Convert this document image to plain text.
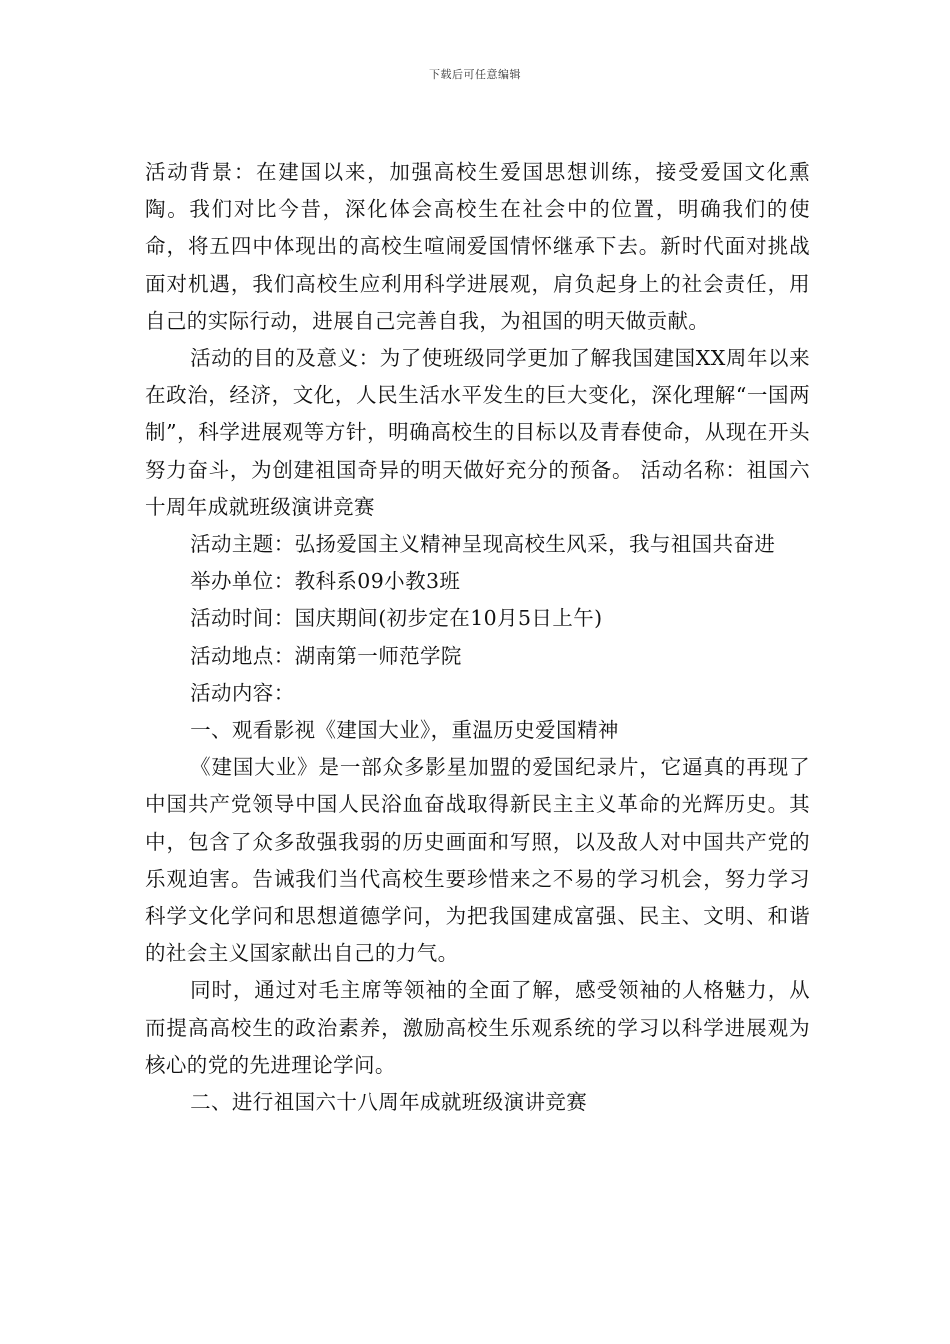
下载后可任意编辑

活动背景：在建国以来，加强高校生爱国思想训练，接受爱国文化熏陶。我们对比今昔，深化体会高校生在社会中的位置，明确我们的使命，将五四中体现出的高校生喧闹爱国情怀继承下去。新时代面对挑战面对机遇，我们高校生应利用科学进展观，肩负起身上的社会责任，用自己的实际行动，进展自己完善自我，为祖国的明天做贡献。

活动的目的及意义：为了使班级同学更加了解我国建国XX周年以来在政治，经济，文化，人民生活水平发生的巨大变化，深化理解“一国两制”，科学进展观等方针，明确高校生的目标以及青春使命，从现在开头努力奋斗，为创建祖国奇异的明天做好充分的预备。 活动名称：祖国六十周年成就班级演讲竞赛

活动主题：弘扬爱国主义精神呈现高校生风采，我与祖国共奋进

举办单位：教科系09小教3班

活动时间：国庆期间(初步定在10月5日上午)

活动地点：湖南第一师范学院

活动内容：

一、观看影视《建国大业》，重温历史爱国精神

《建国大业》是一部众多影星加盟的爱国纪录片，它逼真的再现了中国共产党领导中国人民浴血奋战取得新民主主义革命的光辉历史。其中，包含了众多敌强我弱的历史画面和写照，以及敌人对中国共产党的乐观迫害。告诫我们当代高校生要珍惜来之不易的学习机会，努力学习科学文化学问和思想道德学问，为把我国建成富强、民主、文明、和谐的社会主义国家献出自己的力气。

同时，通过对毛主席等领袖的全面了解，感受领袖的人格魅力，从而提高高校生的政治素养，激励高校生乐观系统的学习以科学进展观为核心的党的先进理论学问。

二、进行祖国六十八周年成就班级演讲竞赛
